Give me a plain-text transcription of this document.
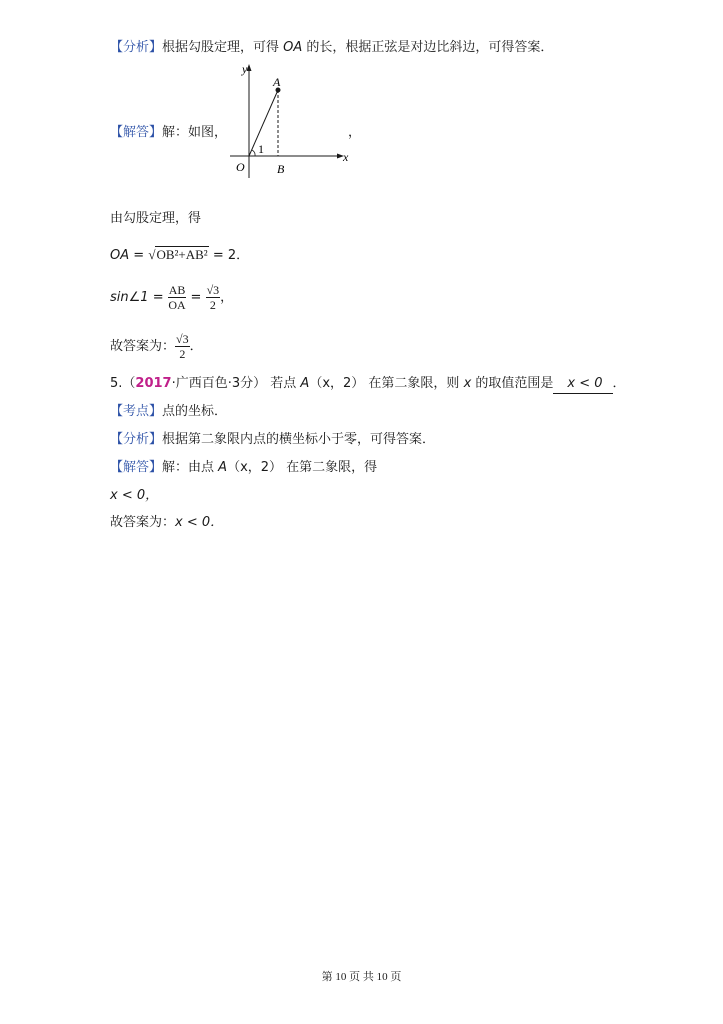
【分析】根据勾股定理，可得 OA 的长，根据正弦是对边比斜边，可得答案．
【解答】解：如图，	，
y
x
A
O	B
1
由勾股定理，得
OA = √OB²+AB² = 2．
sin∠1 = $\frac{AB}{OA} = \frac{√3}{2}$ ，
故答案为： $\frac{√3}{2}$ ．
5.（2017·广西百色·3分） 若点 A（x，2） 在第二象限，则 x 的取值范围是 x < 0 ．
【考点】点的坐标．
【分析】根据第二象限内点的横坐标小于零，可得答案．
【解答】解：由点 A（x，2） 在第二象限，得
x < 0，
故答案为：x < 0．
第 10 页 共 10 页
